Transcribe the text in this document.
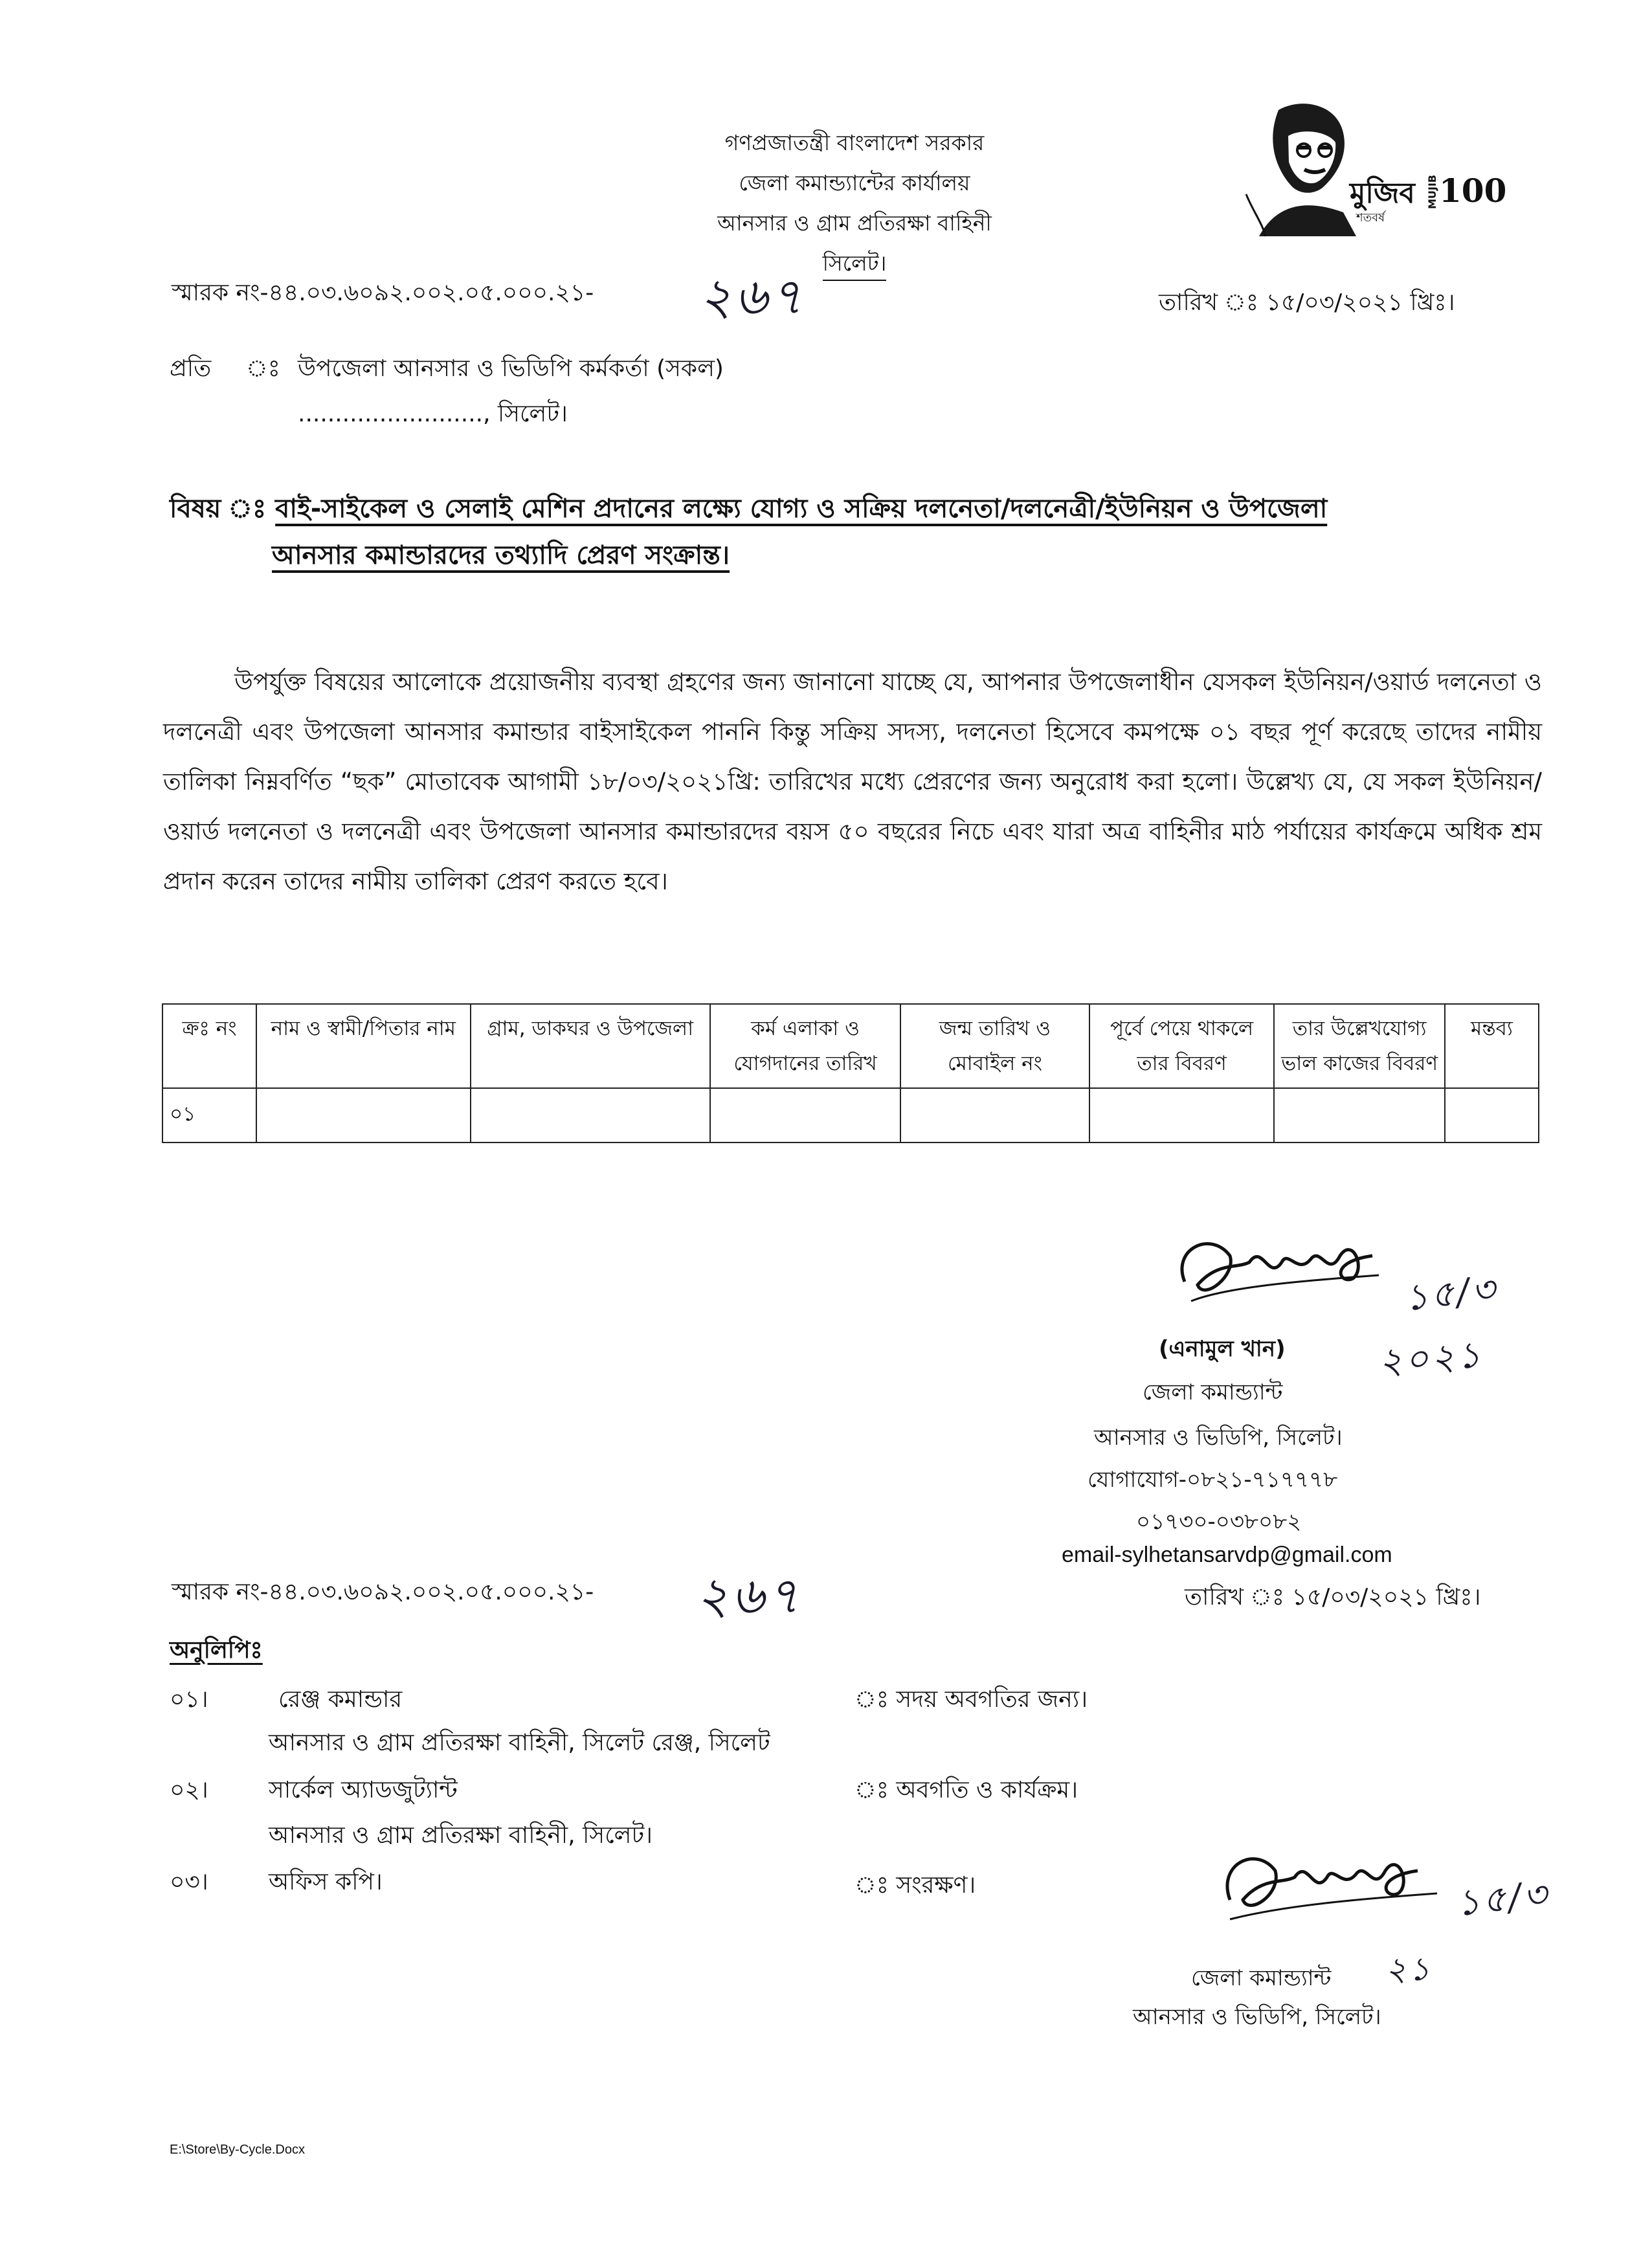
গণপ্রজাতন্ত্রী বাংলাদেশ সরকার
জেলা কমান্ড্যান্টের কার্যালয়
আনসার ও গ্রাম প্রতিরক্ষা বাহিনী
সিলেট।
মুজিব
শতবর্ষ
MUJIB 100
স্মারক নং-৪৪.০৩.৬০৯২.০০২.০৫.০০০.২১- ২৬৭	তারিখ ঃ ১৫/০৩/২০২১ খ্রিঃ।
প্রতি ঃ উপজেলা আনসার ও ভিডিপি কর্মকর্তা (সকল)
........................., সিলেট।
বিষয় ঃ বাই-সাইকেল ও সেলাই মেশিন প্রদানের লক্ষ্যে যোগ্য ও সক্রিয় দলনেতা/দলনেত্রী/ইউনিয়ন ও উপজেলা
আনসার কমান্ডারদের তথ্যাদি প্রেরণ সংক্রান্ত।
উপর্যুক্ত বিষয়ের আলোকে প্রয়োজনীয় ব্যবস্থা গ্রহণের জন্য জানানো যাচ্ছে যে, আপনার উপজেলাধীন যেসকল ইউনিয়ন/ওয়ার্ড দলনেতা ও দলনেত্রী এবং উপজেলা আনসার কমান্ডার বাইসাইকেল পাননি কিন্তু সক্রিয় সদস্য, দলনেতা হিসেবে কমপক্ষে ০১ বছর পূর্ণ করেছে তাদের নামীয় তালিকা নিম্নবর্ণিত “ছক” মোতাবেক আগামী ১৮/০৩/২০২১খ্রি: তারিখের মধ্যে প্রেরণের জন্য অনুরোধ করা হলো। উল্লেখ্য যে, যে সকল ইউনিয়ন/ওয়ার্ড দলনেতা ও দলনেত্রী এবং উপজেলা আনসার কমান্ডারদের বয়স ৫০ বছরের নিচে এবং যারা অত্র বাহিনীর মাঠ পর্যায়ের কার্যক্রমে অধিক শ্রম প্রদান করেন তাদের নামীয় তালিকা প্রেরণ করতে হবে।
ক্রঃ নং	নাম ও স্বামী/পিতার নাম	গ্রাম, ডাকঘর ও উপজেলা	কর্ম এলাকা ও যোগদানের তারিখ	জন্ম তারিখ ও মোবাইল নং	পূর্বে পেয়ে থাকলে তার বিবরণ	তার উল্লেখযোগ্য ভাল কাজের বিবরণ	মন্তব্য
০১							
১৫/৩
২০২১
(এনামুল খান)
জেলা কমান্ড্যান্ট
আনসার ও ভিডিপি, সিলেট।
যোগাযোগ-০৮২১-৭১৭৭৭৮
০১৭৩০-০৩৮০৮২
email-sylhetansarvdp@gmail.com
স্মারক নং-৪৪.০৩.৬০৯২.০০২.০৫.০০০.২১- ২৬৭	তারিখ ঃ ১৫/০৩/২০২১ খ্রিঃ।
অনুলিপিঃ
০১।	রেঞ্জ কমান্ডার
আনসার ও গ্রাম প্রতিরক্ষা বাহিনী, সিলেট রেঞ্জ, সিলেট
ঃ সদয় অবগতির জন্য।
০২।	সার্কেল অ্যাডজুট্যান্ট
আনসার ও গ্রাম প্রতিরক্ষা বাহিনী, সিলেট।
ঃ অবগতি ও কার্যক্রম।
০৩।	অফিস কপি।	ঃ সংরক্ষণ।	১৫/৩
২১
জেলা কমান্ড্যান্ট
আনসার ও ভিডিপি, সিলেট।
E:\Store\By-Cycle.Docx
